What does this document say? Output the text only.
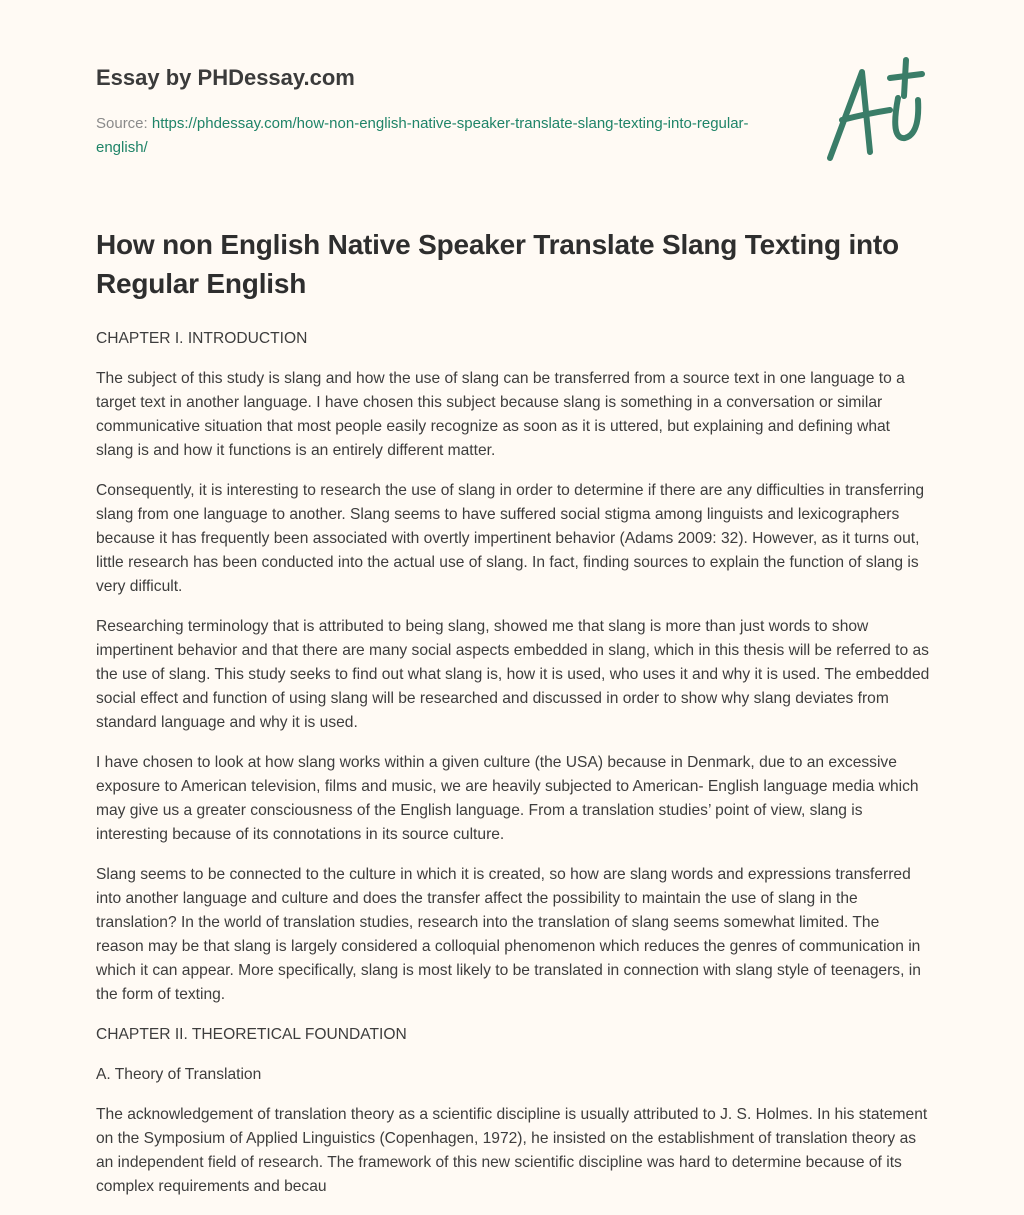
Essay by PHDessay.com
Source: https://phdessay.com/how-non-english-native-speaker-translate-slang-texting-into-regular-english/
How non English Native Speaker Translate Slang Texting into Regular English

CHAPTER I. INTRODUCTION

The subject of this study is slang and how the use of slang can be transferred from a source text in one language to a target text in another language. I have chosen this subject because slang is something in a conversation or similar communicative situation that most people easily recognize as soon as it is uttered, but explaining and defining what slang is and how it functions is an entirely different matter.

Consequently, it is interesting to research the use of slang in order to determine if there are any difficulties in transferring slang from one language to another. Slang seems to have suffered social stigma among linguists and lexicographers because it has frequently been associated with overtly impertinent behavior (Adams 2009: 32). However, as it turns out, little research has been conducted into the actual use of slang. In fact, finding sources to explain the function of slang is very difficult.

Researching terminology that is attributed to being slang, showed me that slang is more than just words to show impertinent behavior and that there are many social aspects embedded in slang, which in this thesis will be referred to as the use of slang. This study seeks to find out what slang is, how it is used, who uses it and why it is used. The embedded social effect and function of using slang will be researched and discussed in order to show why slang deviates from standard language and why it is used.

I have chosen to look at how slang works within a given culture (the USA) because in Denmark, due to an excessive exposure to American television, films and music, we are heavily subjected to American- English language media which may give us a greater consciousness of the English language. From a translation studies’ point of view, slang is interesting because of its connotations in its source culture.

Slang seems to be connected to the culture in which it is created, so how are slang words and expressions transferred into another language and culture and does the transfer affect the possibility to maintain the use of slang in the translation? In the world of translation studies, research into the translation of slang seems somewhat limited. The reason may be that slang is largely considered a colloquial phenomenon which reduces the genres of communication in which it can appear. More specifically, slang is most likely to be translated in connection with slang style of teenagers, in the form of texting.

CHAPTER II. THEORETICAL FOUNDATION

A. Theory of Translation

The acknowledgement of translation theory as a scientific discipline is usually attributed to J. S. Holmes. In his statement on the Symposium of Applied Linguistics (Copenhagen, 1972), he insisted on the establishment of translation theory as an independent field of research. The framework of this new scientific discipline was hard to determine because of its complex requirements and becau
